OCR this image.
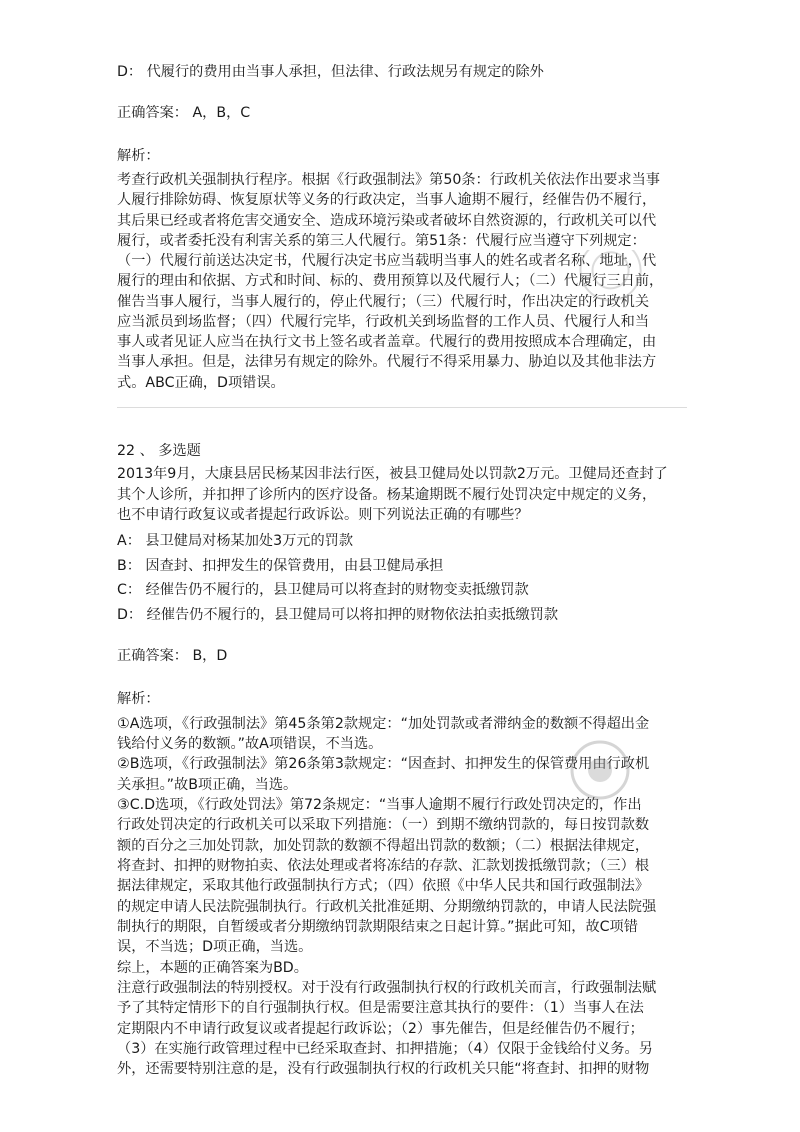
D： 代履行的费用由当事人承担，但法律、行政法规另有规定的除外
正确答案： A，B，C
解析：
考查行政机关强制执行程序。根据《行政强制法》第50条：行政机关依法作出要求当事
人履行排除妨碍、恢复原状等义务的行政决定，当事人逾期不履行，经催告仍不履行，
其后果已经或者将危害交通安全、造成环境污染或者破坏自然资源的，行政机关可以代
履行，或者委托没有利害关系的第三人代履行。第51条：代履行应当遵守下列规定：
（一）代履行前送达决定书，代履行决定书应当载明当事人的姓名或者名称、地址，代
履行的理由和依据、方式和时间、标的、费用预算以及代履行人；（二）代履行三日前，
催告当事人履行，当事人履行的，停止代履行；（三）代履行时，作出决定的行政机关
应当派员到场监督；（四）代履行完毕，行政机关到场监督的工作人员、代履行人和当
事人或者见证人应当在执行文书上签名或者盖章。代履行的费用按照成本合理确定，由
当事人承担。但是，法律另有规定的除外。代履行不得采用暴力、胁迫以及其他非法方
式。ABC正确，D项错误。
22 、 多选题
2013年9月，大康县居民杨某因非法行医，被县卫健局处以罚款2万元。卫健局还查封了
其个人诊所，并扣押了诊所内的医疗设备。杨某逾期既不履行处罚决定中规定的义务，
也不申请行政复议或者提起行政诉讼。则下列说法正确的有哪些？
A： 县卫健局对杨某加处3万元的罚款
B： 因查封、扣押发生的保管费用，由县卫健局承担
C： 经催告仍不履行的，县卫健局可以将查封的财物变卖抵缴罚款
D： 经催告仍不履行的，县卫健局可以将扣押的财物依法拍卖抵缴罚款
正确答案： B，D
解析：
①A选项，《行政强制法》第45条第2款规定：“加处罚款或者滞纳金的数额不得超出金
钱给付义务的数额。”故A项错误，不当选。
②B选项，《行政强制法》第26条第3款规定：“因查封、扣押发生的保管费用由行政机
关承担。”故B项正确，当选。
③C.D选项，《行政处罚法》第72条规定：“当事人逾期不履行行政处罚决定的，作出
行政处罚决定的行政机关可以采取下列措施：（一）到期不缴纳罚款的，每日按罚款数
额的百分之三加处罚款，加处罚款的数额不得超出罚款的数额；（二）根据法律规定，
将查封、扣押的财物拍卖、依法处理或者将冻结的存款、汇款划拨抵缴罚款；（三）根
据法律规定，采取其他行政强制执行方式；（四）依照《中华人民共和国行政强制法》
的规定申请人民法院强制执行。行政机关批准延期、分期缴纳罚款的，申请人民法院强
制执行的期限，自暂缓或者分期缴纳罚款期限结束之日起计算。”据此可知，故C项错
误，不当选；D项正确，当选。
综上，本题的正确答案为BD。
注意行政强制法的特别授权。对于没有行政强制执行权的行政机关而言，行政强制法赋
予了其特定情形下的自行强制执行权。但是需要注意其执行的要件：（1）当事人在法
定期限内不申请行政复议或者提起行政诉讼；（2）事先催告，但是经催告仍不履行；
（3）在实施行政管理过程中已经采取查封、扣押措施；（4）仅限于金钱给付义务。另
外，还需要特别注意的是，没有行政强制执行权的行政机关只能“将查封、扣押的财物
